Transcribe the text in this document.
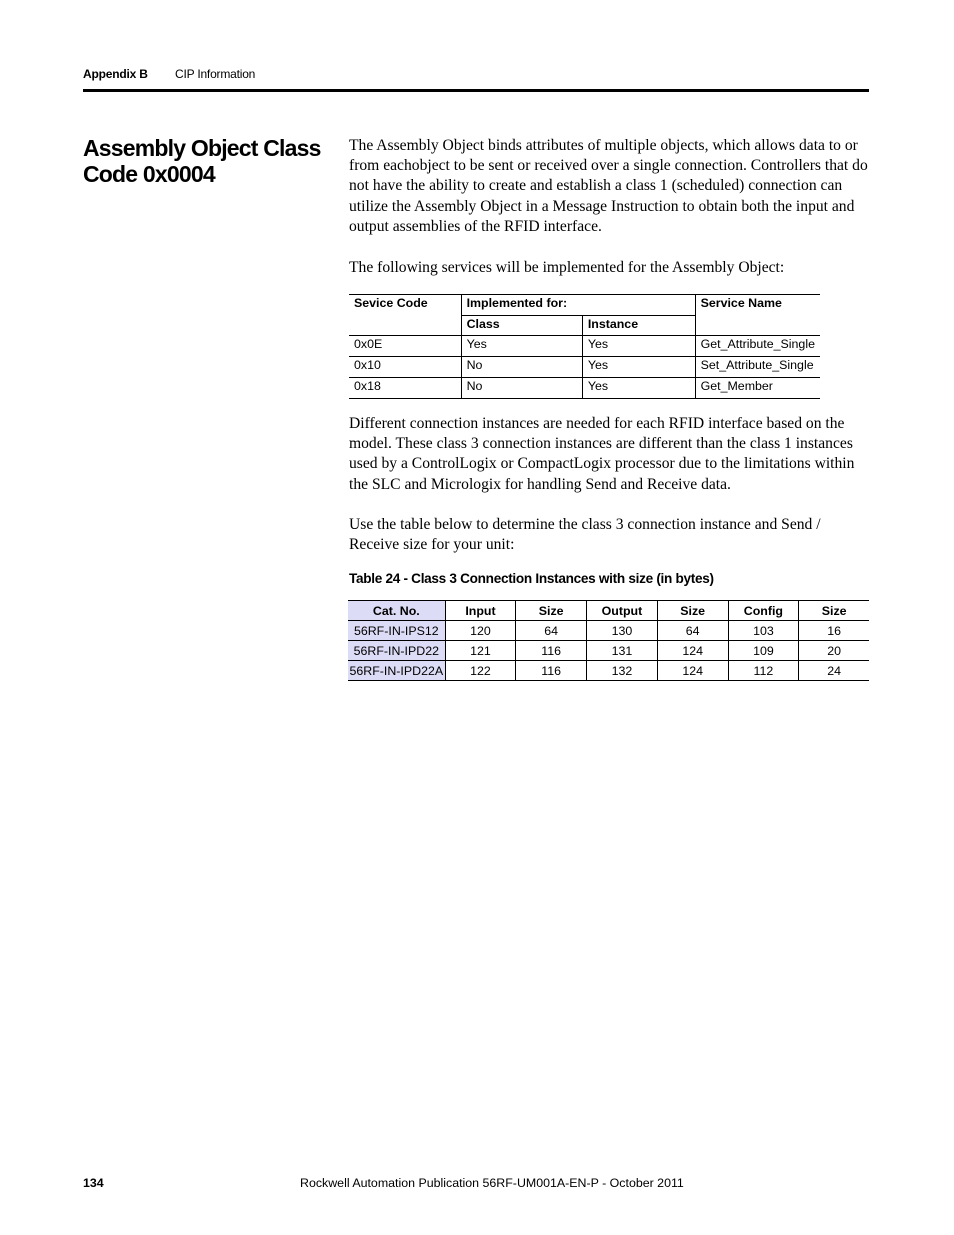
Appendix B CIP Information
Assembly Object Class Code 0x0004

The Assembly Object binds attributes of multiple objects, which allows data to or from eachobject to be sent or received over a single connection. Controllers that do not have the ability to create and establish a class 1 (scheduled) connection can utilize the Assembly Object in a Message Instruction to obtain both the input and output assemblies of the RFID interface.

The following services will be implemented for the Assembly Object:

Sevice Code	Implemented for:		Service Name
	Class	Instance	
0x0E	Yes	Yes	Get_Attribute_Single
0x10	No	Yes	Set_Attribute_Single
0x18	No	Yes	Get_Member

Different connection instances are needed for each RFID interface based on the model. These class 3 connection instances are different than the class 1 instances used by a ControlLogix or CompactLogix processor due to the limitations within the SLC and Micrologix for handling Send and Receive data.

Use the table below to determine the class 3 connection instance and Send / Receive size for your unit:

Table 24 - Class 3 Connection Instances with size (in bytes)

Cat. No.	Input	Size	Output	Size	Config	Size
56RF-IN-IPS12	120	64	130	64	103	16
56RF-IN-IPD22	121	116	131	124	109	20
56RF-IN-IPD22A	122	116	132	124	112	24
134	Rockwell Automation Publication 56RF-UM001A-EN-P - October 2011
